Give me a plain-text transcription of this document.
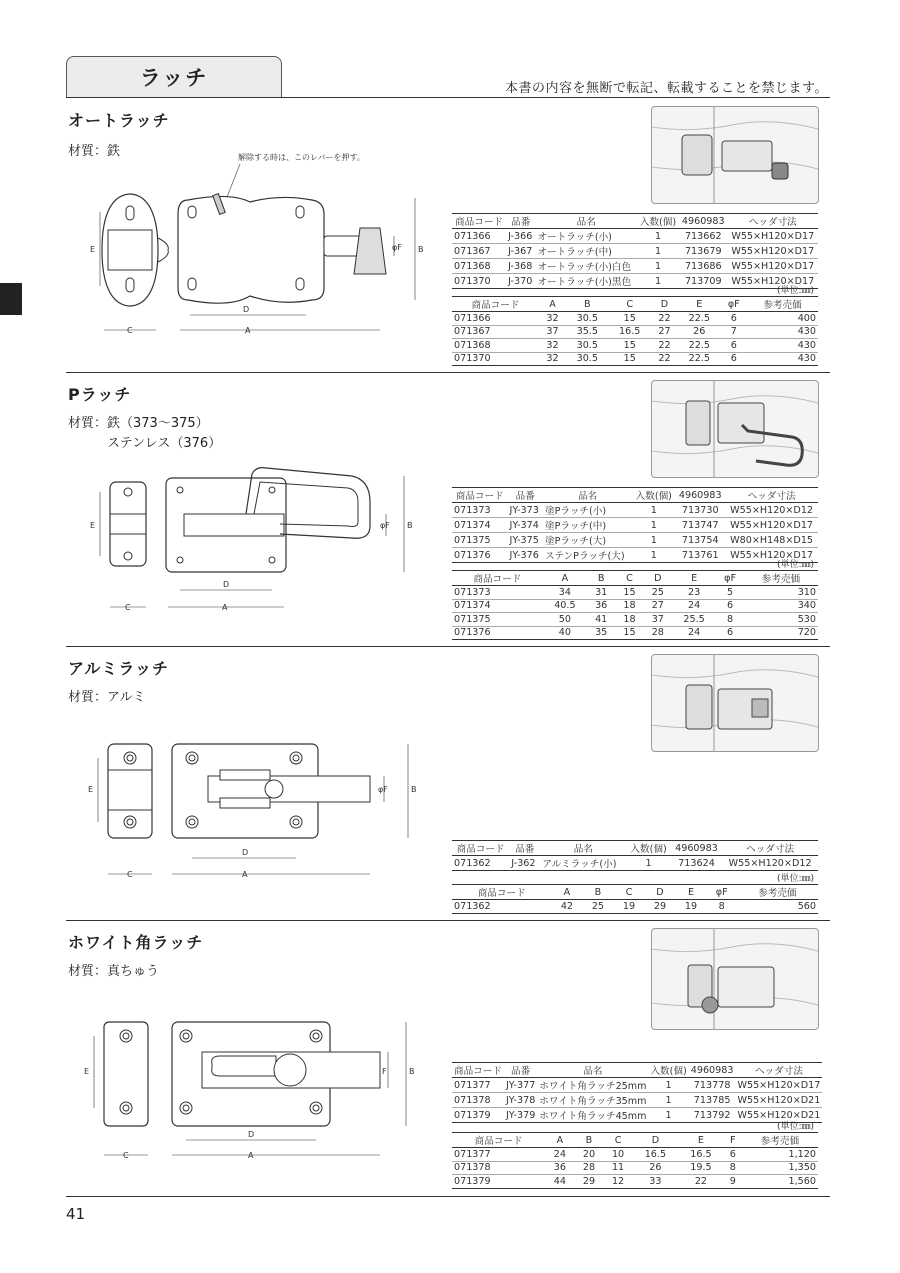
ラッチ	本書の内容を無断で転記、転載することを禁じます。
オートラッチ
材質：鉄	解除する時は、このレバーを押す。
C	A
D
E	B
φF
商品コード	品番	品名	入数(個)	4960983	ヘッダ寸法
071366	J-366	オートラッチ(小)	1	713662	W55×H120×D17
071367	J-367	オートラッチ(中)	1	713679	W55×H120×D17
071368	J-368	オートラッチ(小)白色	1	713686	W55×H120×D17
071370	J-370	オートラッチ(小)黒色	1	713709	W55×H120×D17
(単位:㎜)
商品コード	A	B	C	D	E	φF	参考売価
071366	32	30.5	15	22	22.5	6	400
071367	37	35.5	16.5	27	26	7	430
071368	32	30.5	15	22	22.5	6	430
071370	32	30.5	15	22	22.5	6	430
Pラッチ
材質：鉄（373〜375）
　　　ステンレス（376）
C	A
D
E	B
φF
商品コード	品番	品名	入数(個)	4960983	ヘッダ寸法
071373	JY-373	塗Pラッチ(小)	1	713730	W55×H120×D12
071374	JY-374	塗Pラッチ(中)	1	713747	W55×H120×D17
071375	JY-375	塗Pラッチ(大)	1	713754	W80×H148×D15
071376	JY-376	ステンPラッチ(大)	1	713761	W55×H120×D17
(単位:㎜)
商品コード	A	B	C	D	E	φF	参考売価
071373	34	31	15	25	23	5	310
071374	40.5	36	18	27	24	6	340
071375	50	41	18	37	25.5	8	530
071376	40	35	15	28	24	6	720
アルミラッチ
材質：アルミ
C	A
D
E	B
φF
商品コード	品番	品名	入数(個)	4960983	ヘッダ寸法
071362	J-362	アルミラッチ(小)	1	713624	W55×H120×D12
(単位:㎜)
商品コード	A	B	C	D	E	φF	参考売価
071362	42	25	19	29	19	8	560
ホワイト角ラッチ
材質：真ちゅう
C	A
D
E	B
F	商品コード	品番	品名	入数(個)	4960983	ヘッダ寸法
071377	JY-377	ホワイト角ラッチ25mm	1	713778	W55×H120×D17
071378	JY-378	ホワイト角ラッチ35mm	1	713785	W55×H120×D21
071379	JY-379	ホワイト角ラッチ45mm	1	713792	W55×H120×D21
(単位:㎜)
商品コード	A	B	C	D	E	F	参考売価
071377	24	20	10	16.5	16.5	6	1,120
071378	36	28	11	26	19.5	8	1,350
071379	44	29	12	33	22	9	1,560
41
